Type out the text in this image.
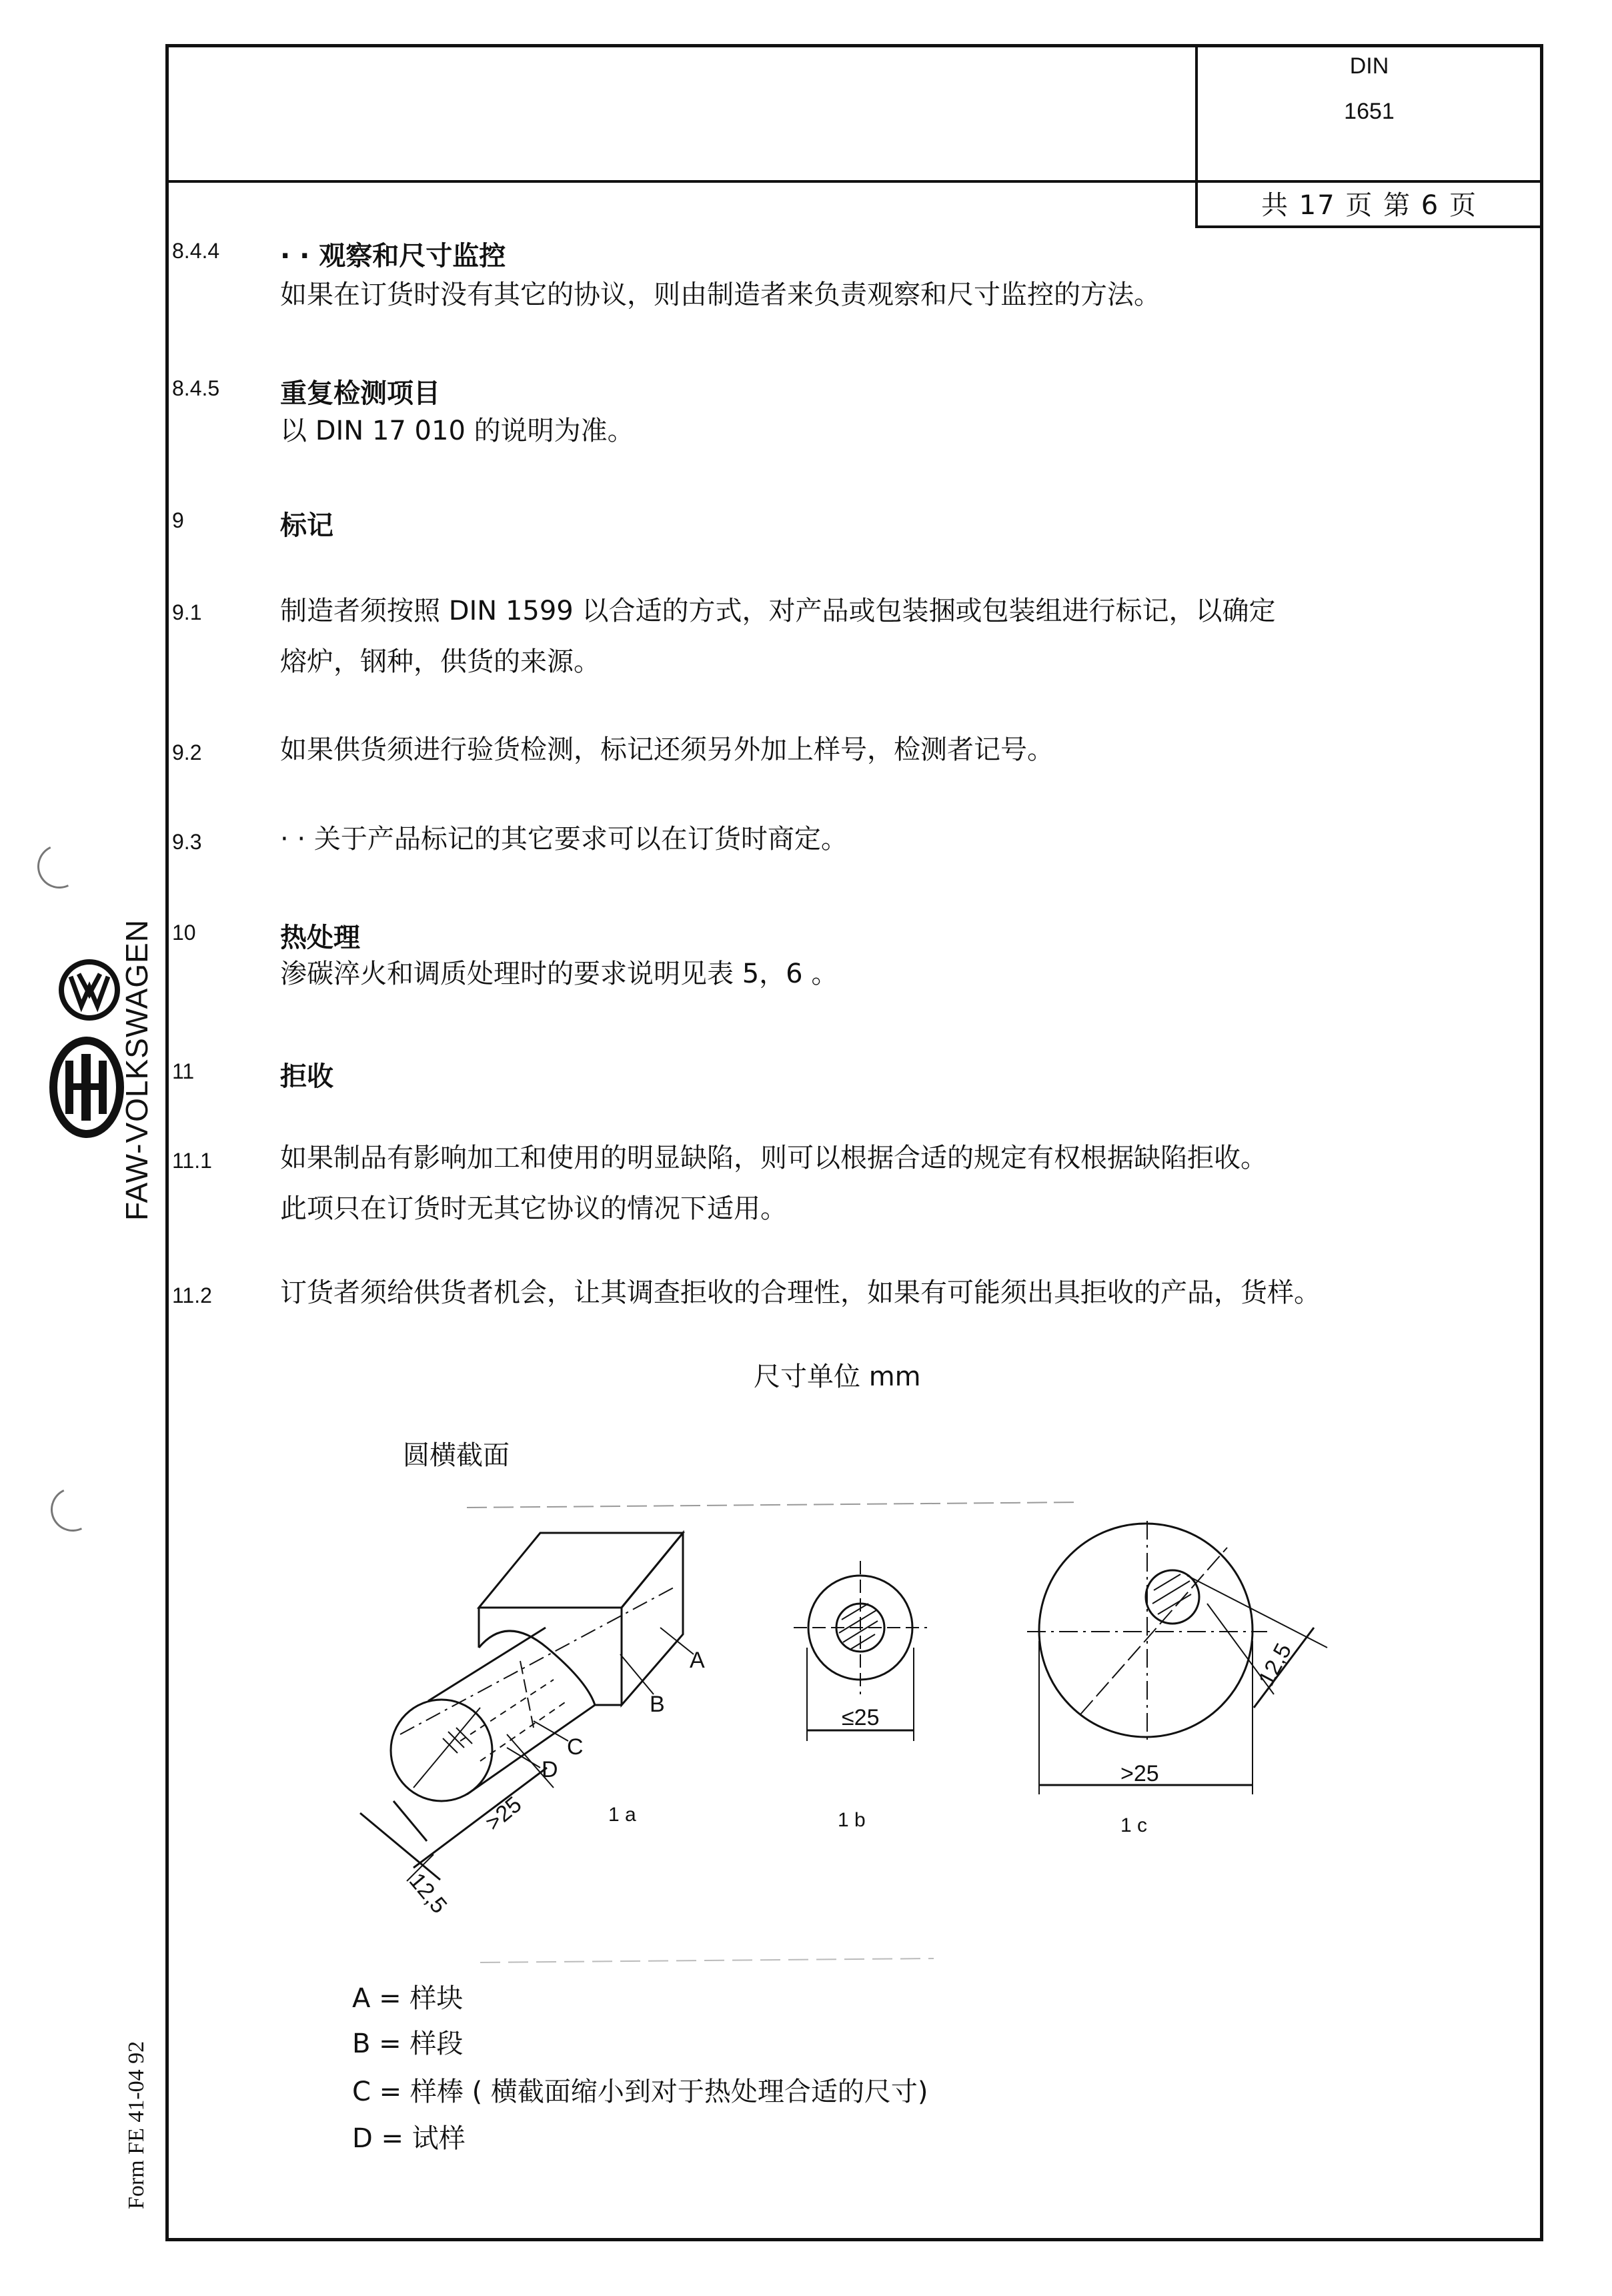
DIN
1651
共 17 页 第 6 页
8.4.4 · · 观察和尺寸监控
如果在订货时没有其它的协议，则由制造者来负责观察和尺寸监控的方法。
8.4.5 重复检测项目
以 DIN 17 010 的说明为准。
9	标记
9.1	制造者须按照 DIN 1599 以合适的方式，对产品或包装捆或包装组进行标记，以确定
熔炉，钢种，供货的来源。
9.2	如果供货须进行验货检测，标记还须另外加上样号，检测者记号。
9.3	· · 关于产品标记的其它要求可以在订货时商定。
10	热处理
渗碳淬火和调质处理时的要求说明见表 5，6 。
11	拒收
11.1	如果制品有影响加工和使用的明显缺陷，则可以根据合适的规定有权根据缺陷拒收。
此项只在订货时无其它协议的情况下适用。
11.2	订货者须给供货者机会，让其调查拒收的合理性，如果有可能须出具拒收的产品，货样。
尺寸单位 mm
圆横截面
A
B
C
D
>25
12,5
≤25
>25
12,5
1 a	1 b	1 c
A = 样块
B = 样段
C = 样棒 ( 横截面缩小到对于热处理合适的尺寸)
D = 试样
FAW-VOLKSWAGEN
Form FE 41-04 92
